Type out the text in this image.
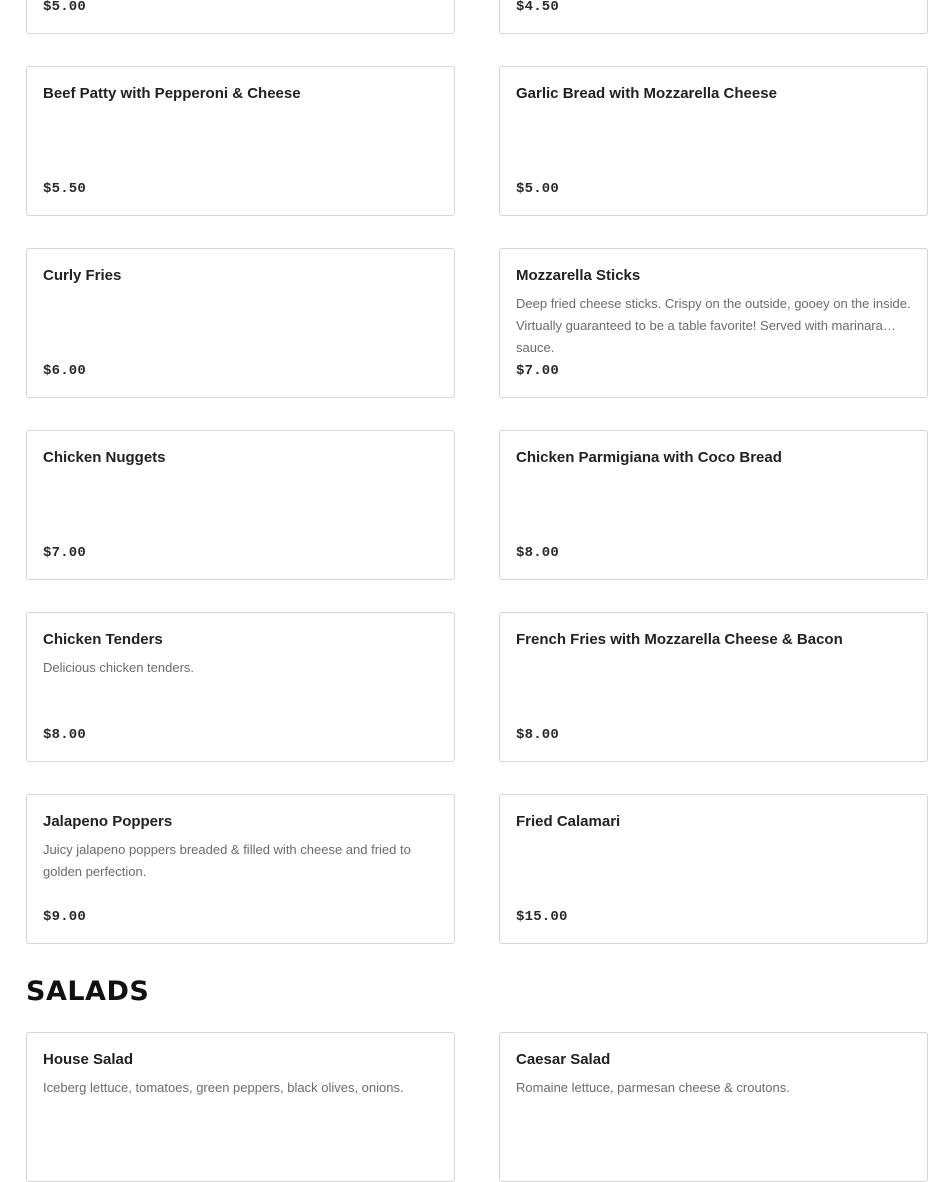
$5.00	$4.50
Beef Patty with Pepperoni & Cheese
$5.50
Garlic Bread with Mozzarella Cheese
$5.00
Curly Fries
$6.00
Mozzarella Sticks
Deep fried cheese sticks. Crispy on the outside, gooey on the inside. Virtually guaranteed to be a table favorite! Served with marinara sauce.
$7.00
Chicken Nuggets
$7.00
Chicken Parmigiana with Coco Bread
$8.00
Chicken Tenders
Delicious chicken tenders.
$8.00
French Fries with Mozzarella Cheese & Bacon
$8.00
Jalapeno Poppers
Juicy jalapeno poppers breaded & filled with cheese and fried to golden perfection.
$9.00
Fried Calamari
$15.00
SALADS
House Salad
Iceberg lettuce, tomatoes, green peppers, black olives, onions.
Caesar Salad
Romaine lettuce, parmesan cheese & croutons.
